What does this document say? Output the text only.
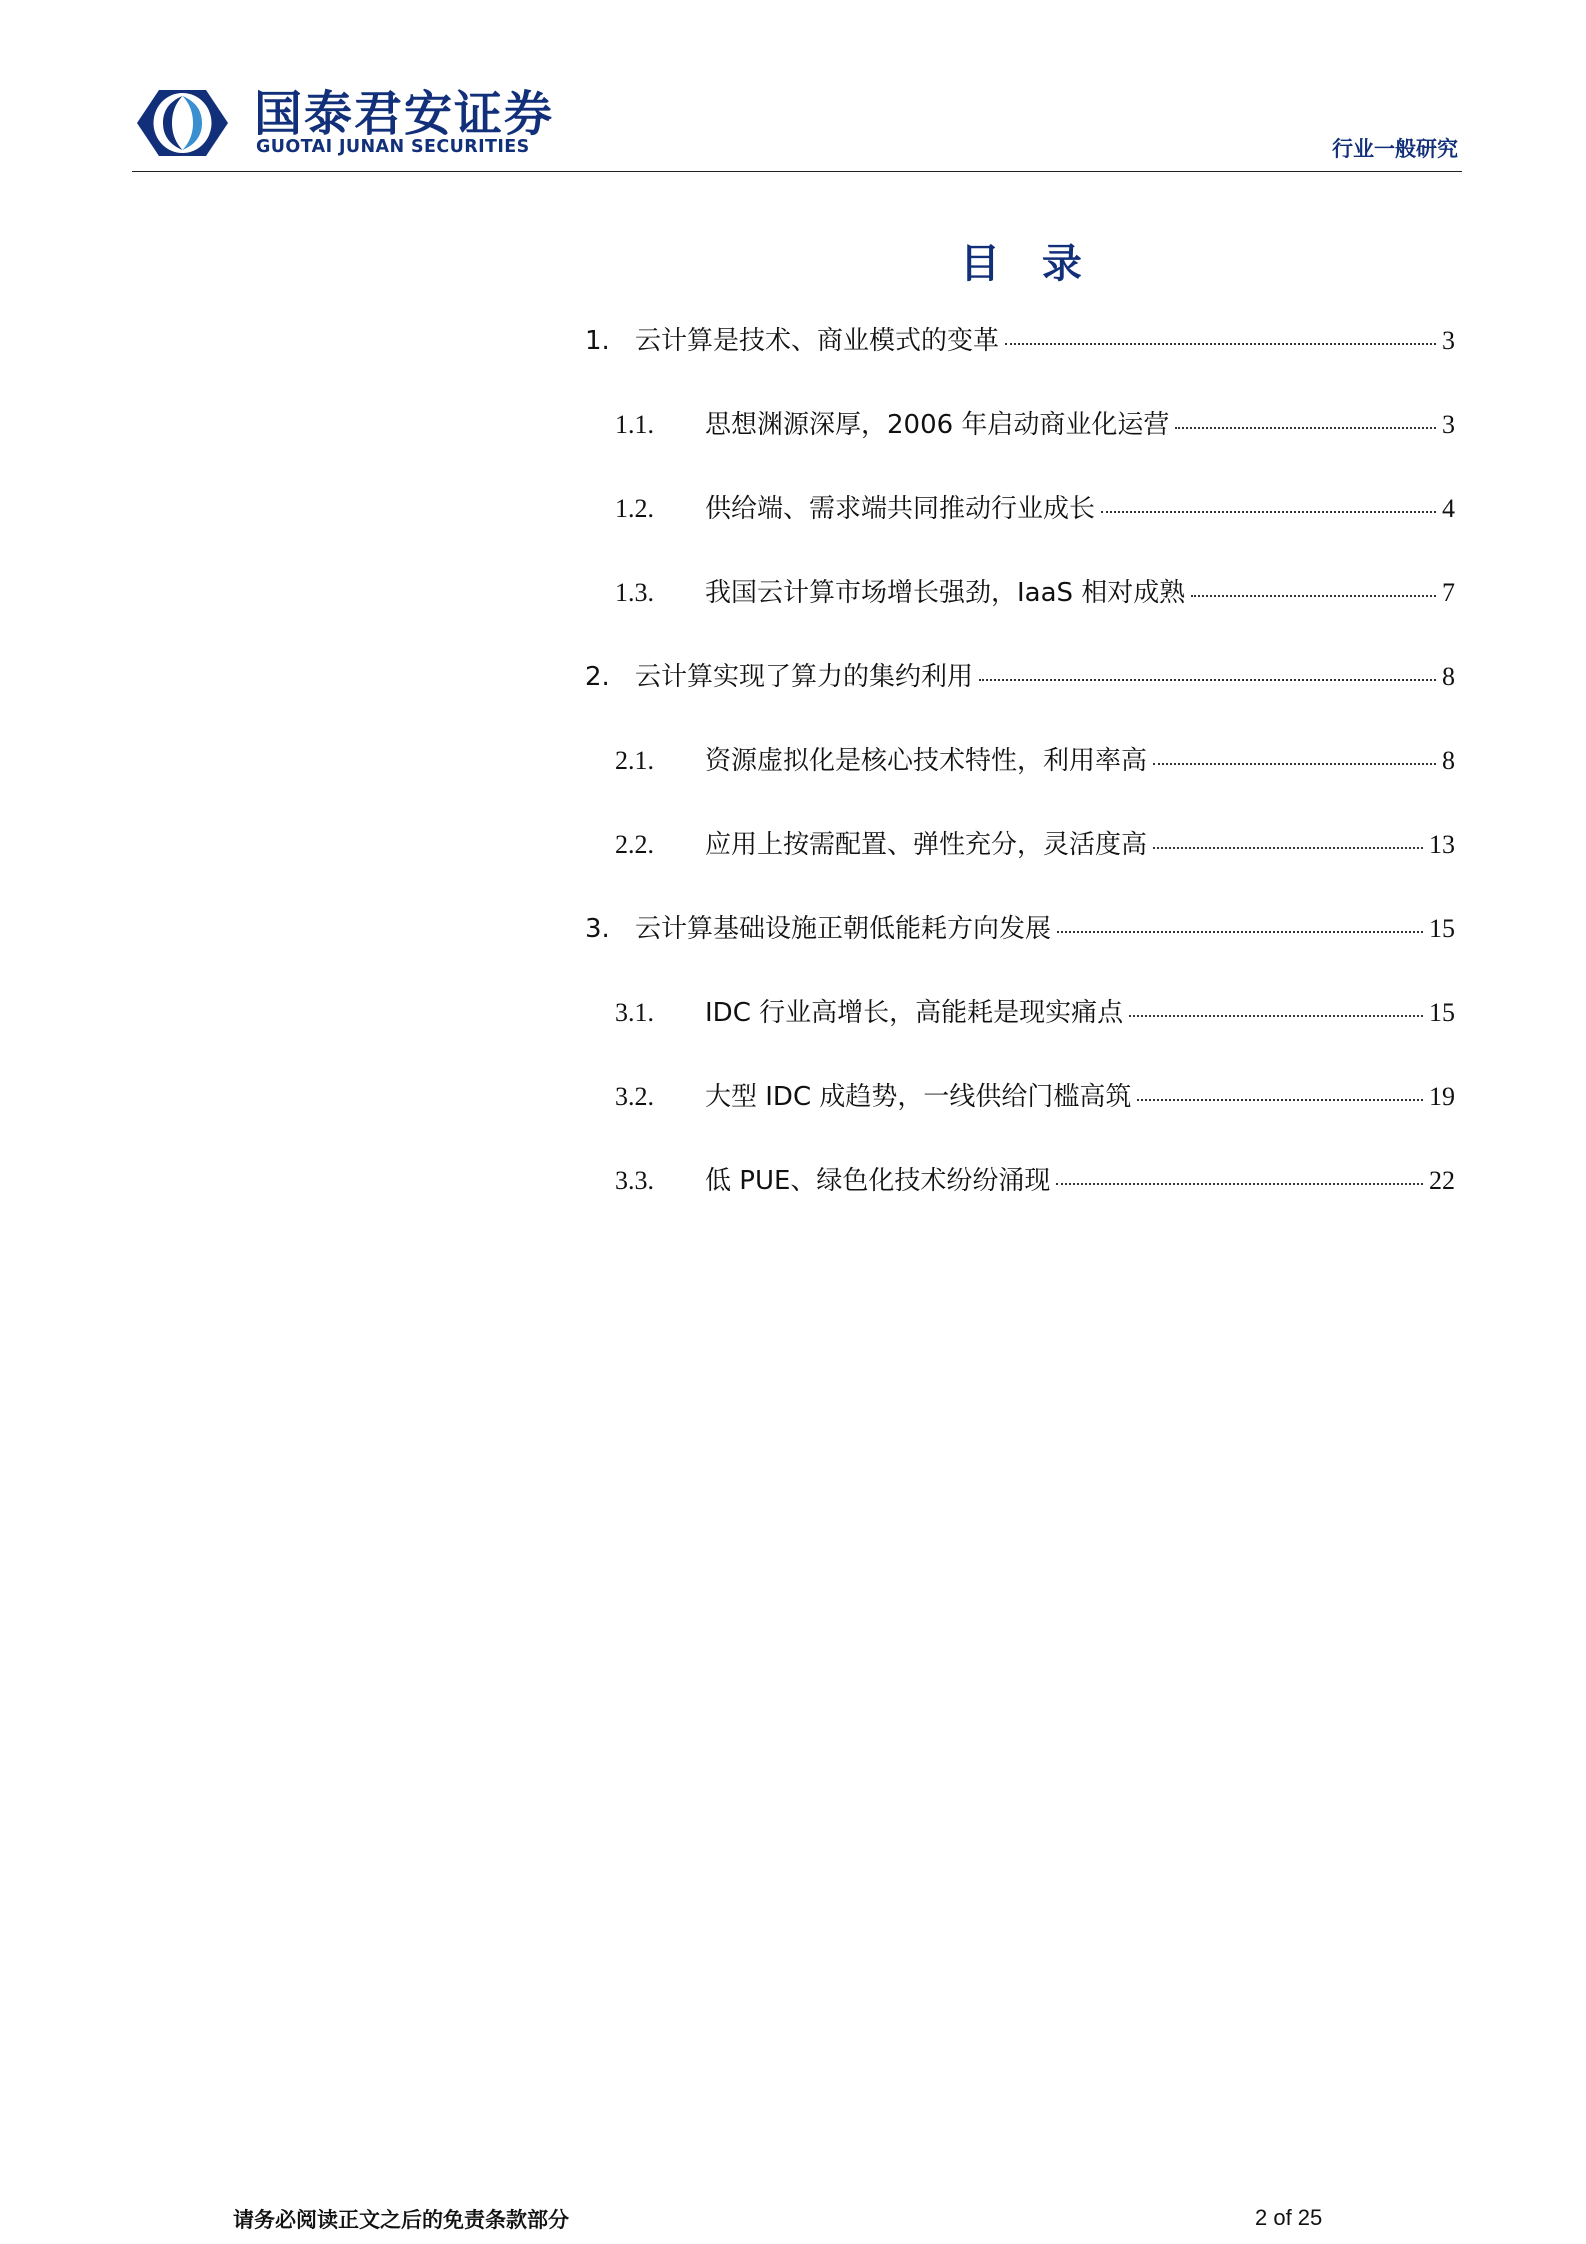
国泰君安证券
GUOTAI JUNAN SECURITIES	行业一般研究
目 录
1. 云计算是技术、商业模式的变革	3
1.1.	思想渊源深厚，2006 年启动商业化运营	3
1.2.	供给端、需求端共同推动行业成长	4
1.3.	我国云计算市场增长强劲，IaaS 相对成熟	7
2. 云计算实现了算力的集约利用	8
2.1.	资源虚拟化是核心技术特性，利用率高	8
2.2.	应用上按需配置、弹性充分，灵活度高	13
3. 云计算基础设施正朝低能耗方向发展	15
3.1.	IDC 行业高增长，高能耗是现实痛点	15
3.2.	大型 IDC 成趋势，一线供给门槛高筑	19
3.3.	低 PUE、绿色化技术纷纷涌现	22
请务必阅读正文之后的免责条款部分	2 of 25
